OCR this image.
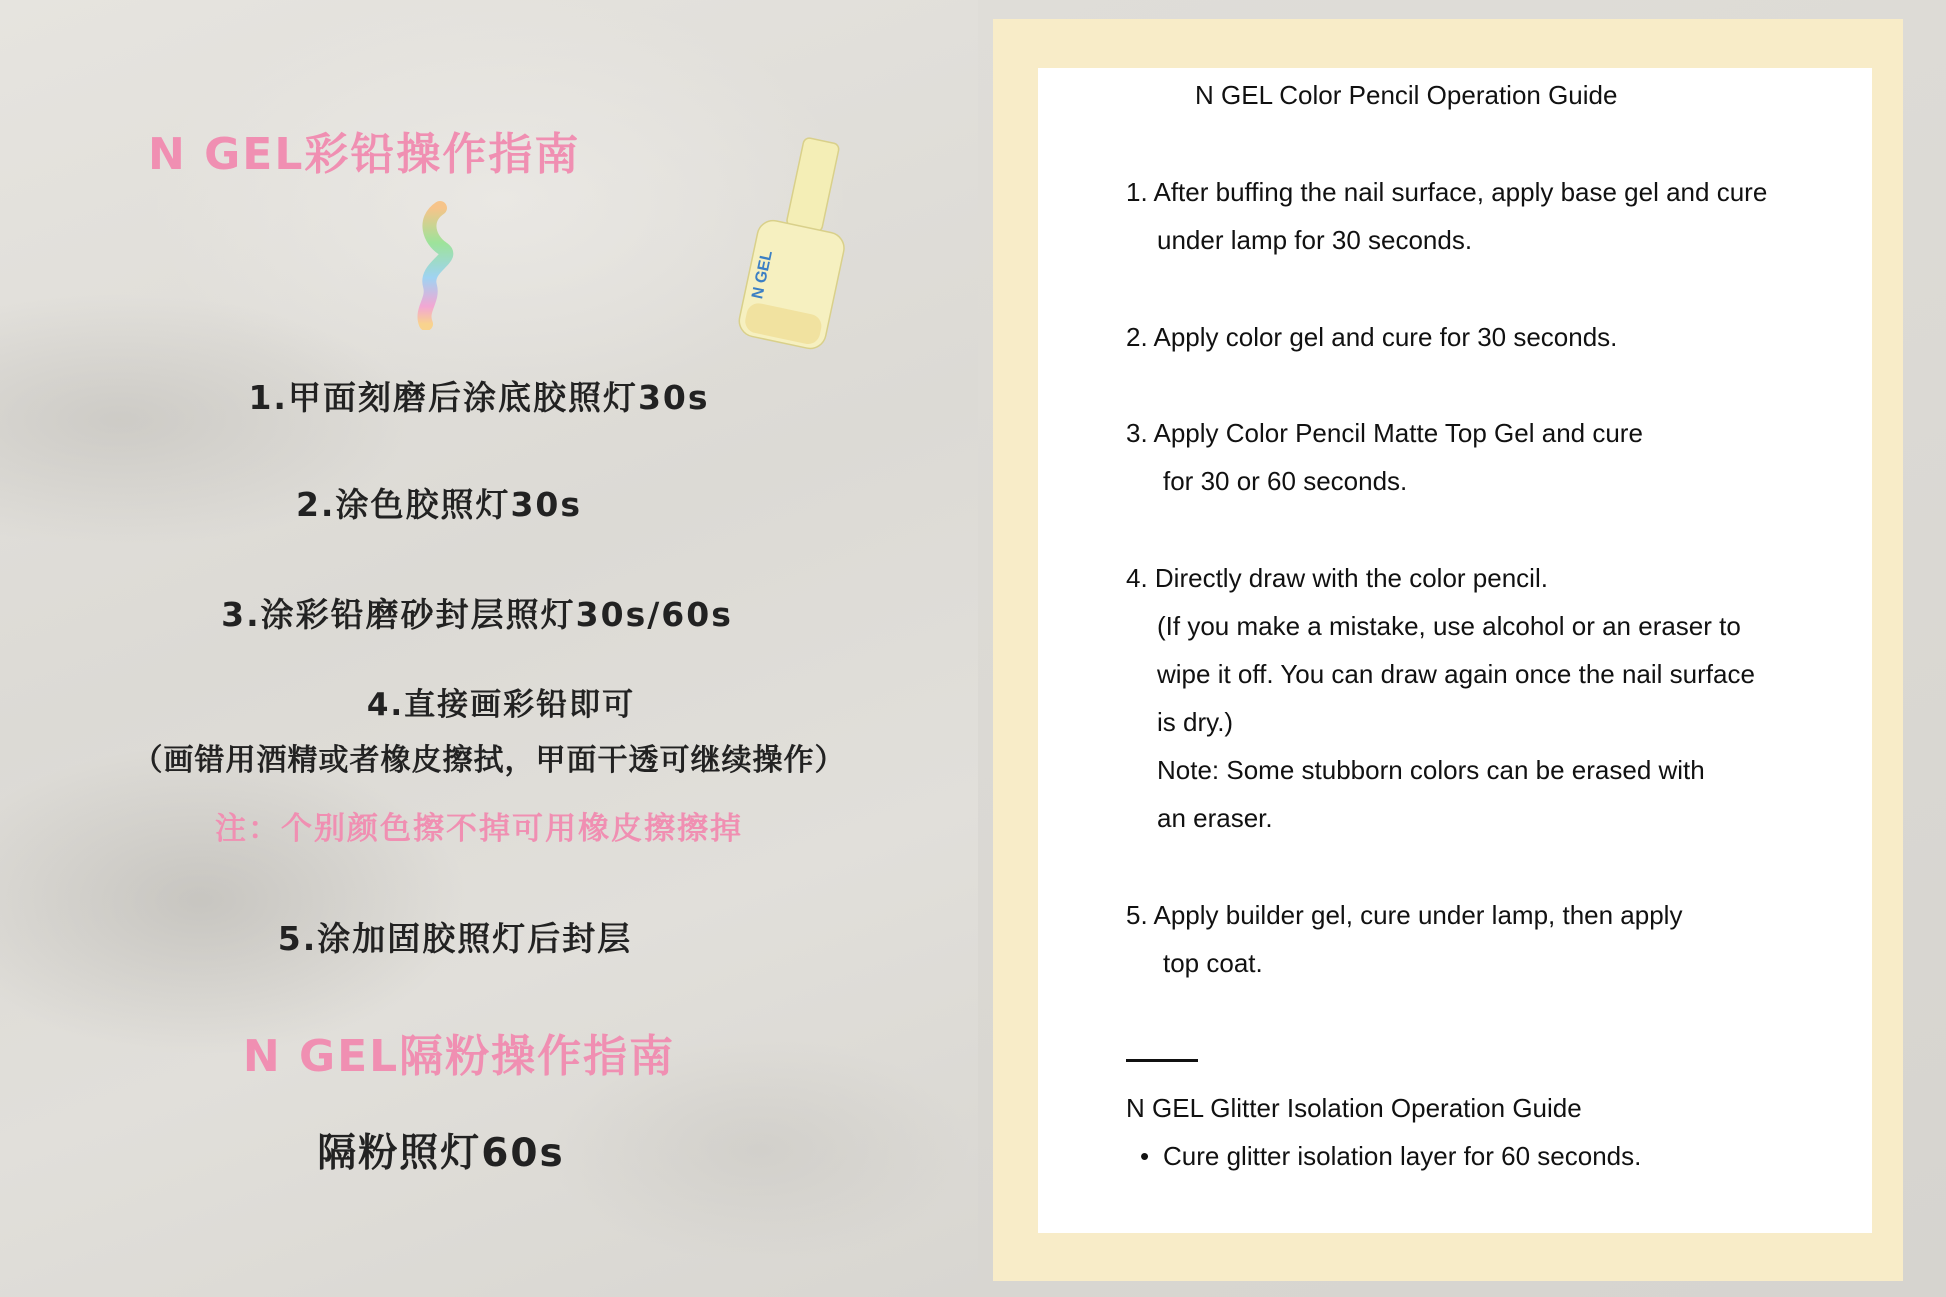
N GEL彩铅操作指南
N GEL
1.甲面刻磨后涂底胶照灯30s
2.涂色胶照灯30s
3.涂彩铅磨砂封层照灯30s/60s
4.直接画彩铅即可
（画错用酒精或者橡皮擦拭，甲面干透可继续操作）
注：个别颜色擦不掉可用橡皮擦擦掉
5.涂加固胶照灯后封层
N GEL隔粉操作指南
隔粉照灯60s
N GEL Color Pencil Operation Guide
1. After buffing the nail surface, apply base gel and cure
under lamp for 30 seconds.
2. Apply color gel and cure for 30 seconds.
3. Apply Color Pencil Matte Top Gel and cure
for 30 or 60 seconds.
4. Directly draw with the color pencil.
(If you make a mistake, use alcohol or an eraser to
wipe it off. You can draw again once the nail surface
is dry.)
Note: Some stubborn colors can be erased with
an eraser.
5. Apply builder gel, cure under lamp, then apply
top coat.
N GEL Glitter Isolation Operation Guide
• Cure glitter isolation layer for 60 seconds.
